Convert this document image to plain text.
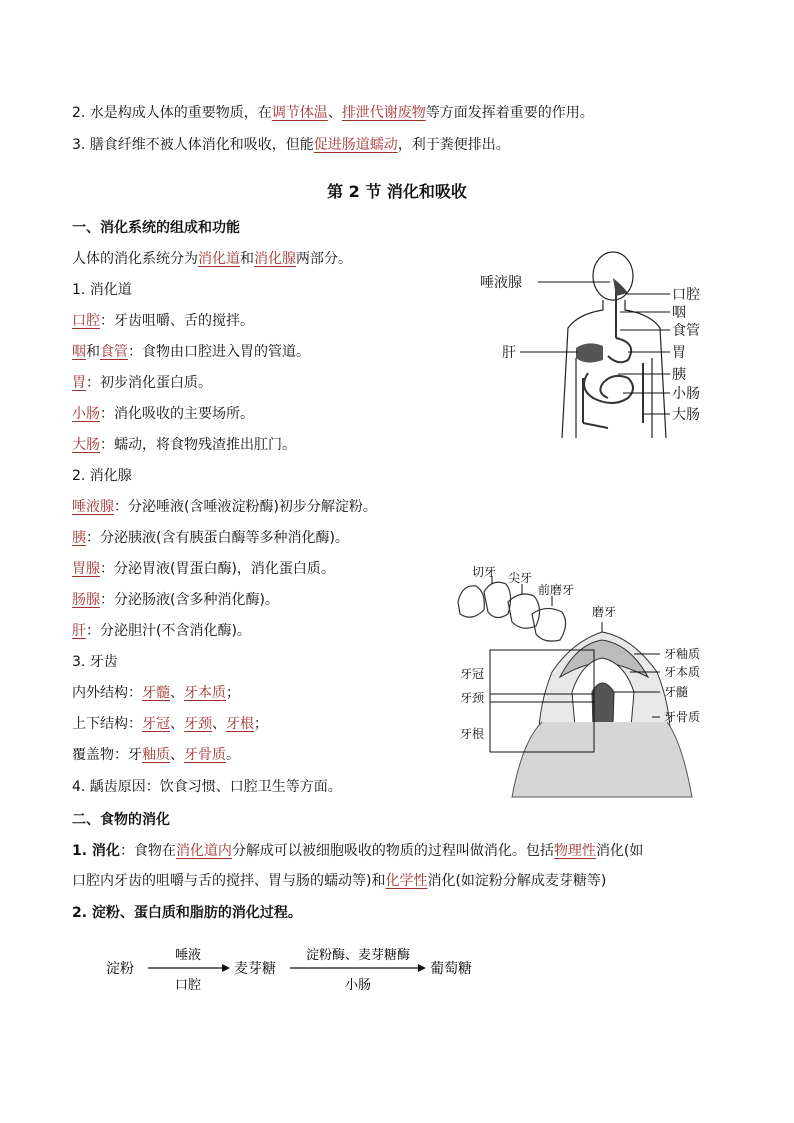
2. 水是构成人体的重要物质，在调节体温、排泄代谢废物等方面发挥着重要的作用。
3. 膳食纤维不被人体消化和吸收，但能促进肠道蠕动，利于粪便排出。
第 2 节 消化和吸收
一、消化系统的组成和功能
人体的消化系统分为消化道和消化腺两部分。
1. 消化道
口腔：牙齿咀嚼、舌的搅拌。
咽和食管：食物由口腔进入胃的管道。
胃：初步消化蛋白质。
小肠：消化吸收的主要场所。
大肠：蠕动，将食物残渣推出肛门。
2. 消化腺
唾液腺：分泌唾液(含唾液淀粉酶)初步分解淀粉。
胰：分泌胰液(含有胰蛋白酶等多种消化酶)。
胃腺：分泌胃液(胃蛋白酶)，消化蛋白质。
肠腺：分泌肠液(含多种消化酶)。
肝：分泌胆汁(不含消化酶)。
3. 牙齿
内外结构：牙髓、牙本质；
上下结构：牙冠、牙颈、牙根；
覆盖物：牙釉质、牙骨质。
4. 龋齿原因：饮食习惯、口腔卫生等方面。
二、食物的消化
1. 消化：食物在消化道内分解成可以被细胞吸收的物质的过程叫做消化。包括物理性消化(如
口腔内牙齿的咀嚼与舌的搅拌、胃与肠的蠕动等)和化学性消化(如淀粉分解成麦芽糖等)
2. 淀粉、蛋白质和脂肪的消化过程。
淀粉
唾液
口腔
麦芽糖
淀粉酶、麦芽糖酶
小肠
葡萄糖
唾液腺
肝
口腔
咽
食管
胃
胰
小肠
大肠
切牙 尖牙
前磨牙
磨牙
牙冠
牙颈
牙根
牙釉质
牙本质
牙髓
牙骨质
